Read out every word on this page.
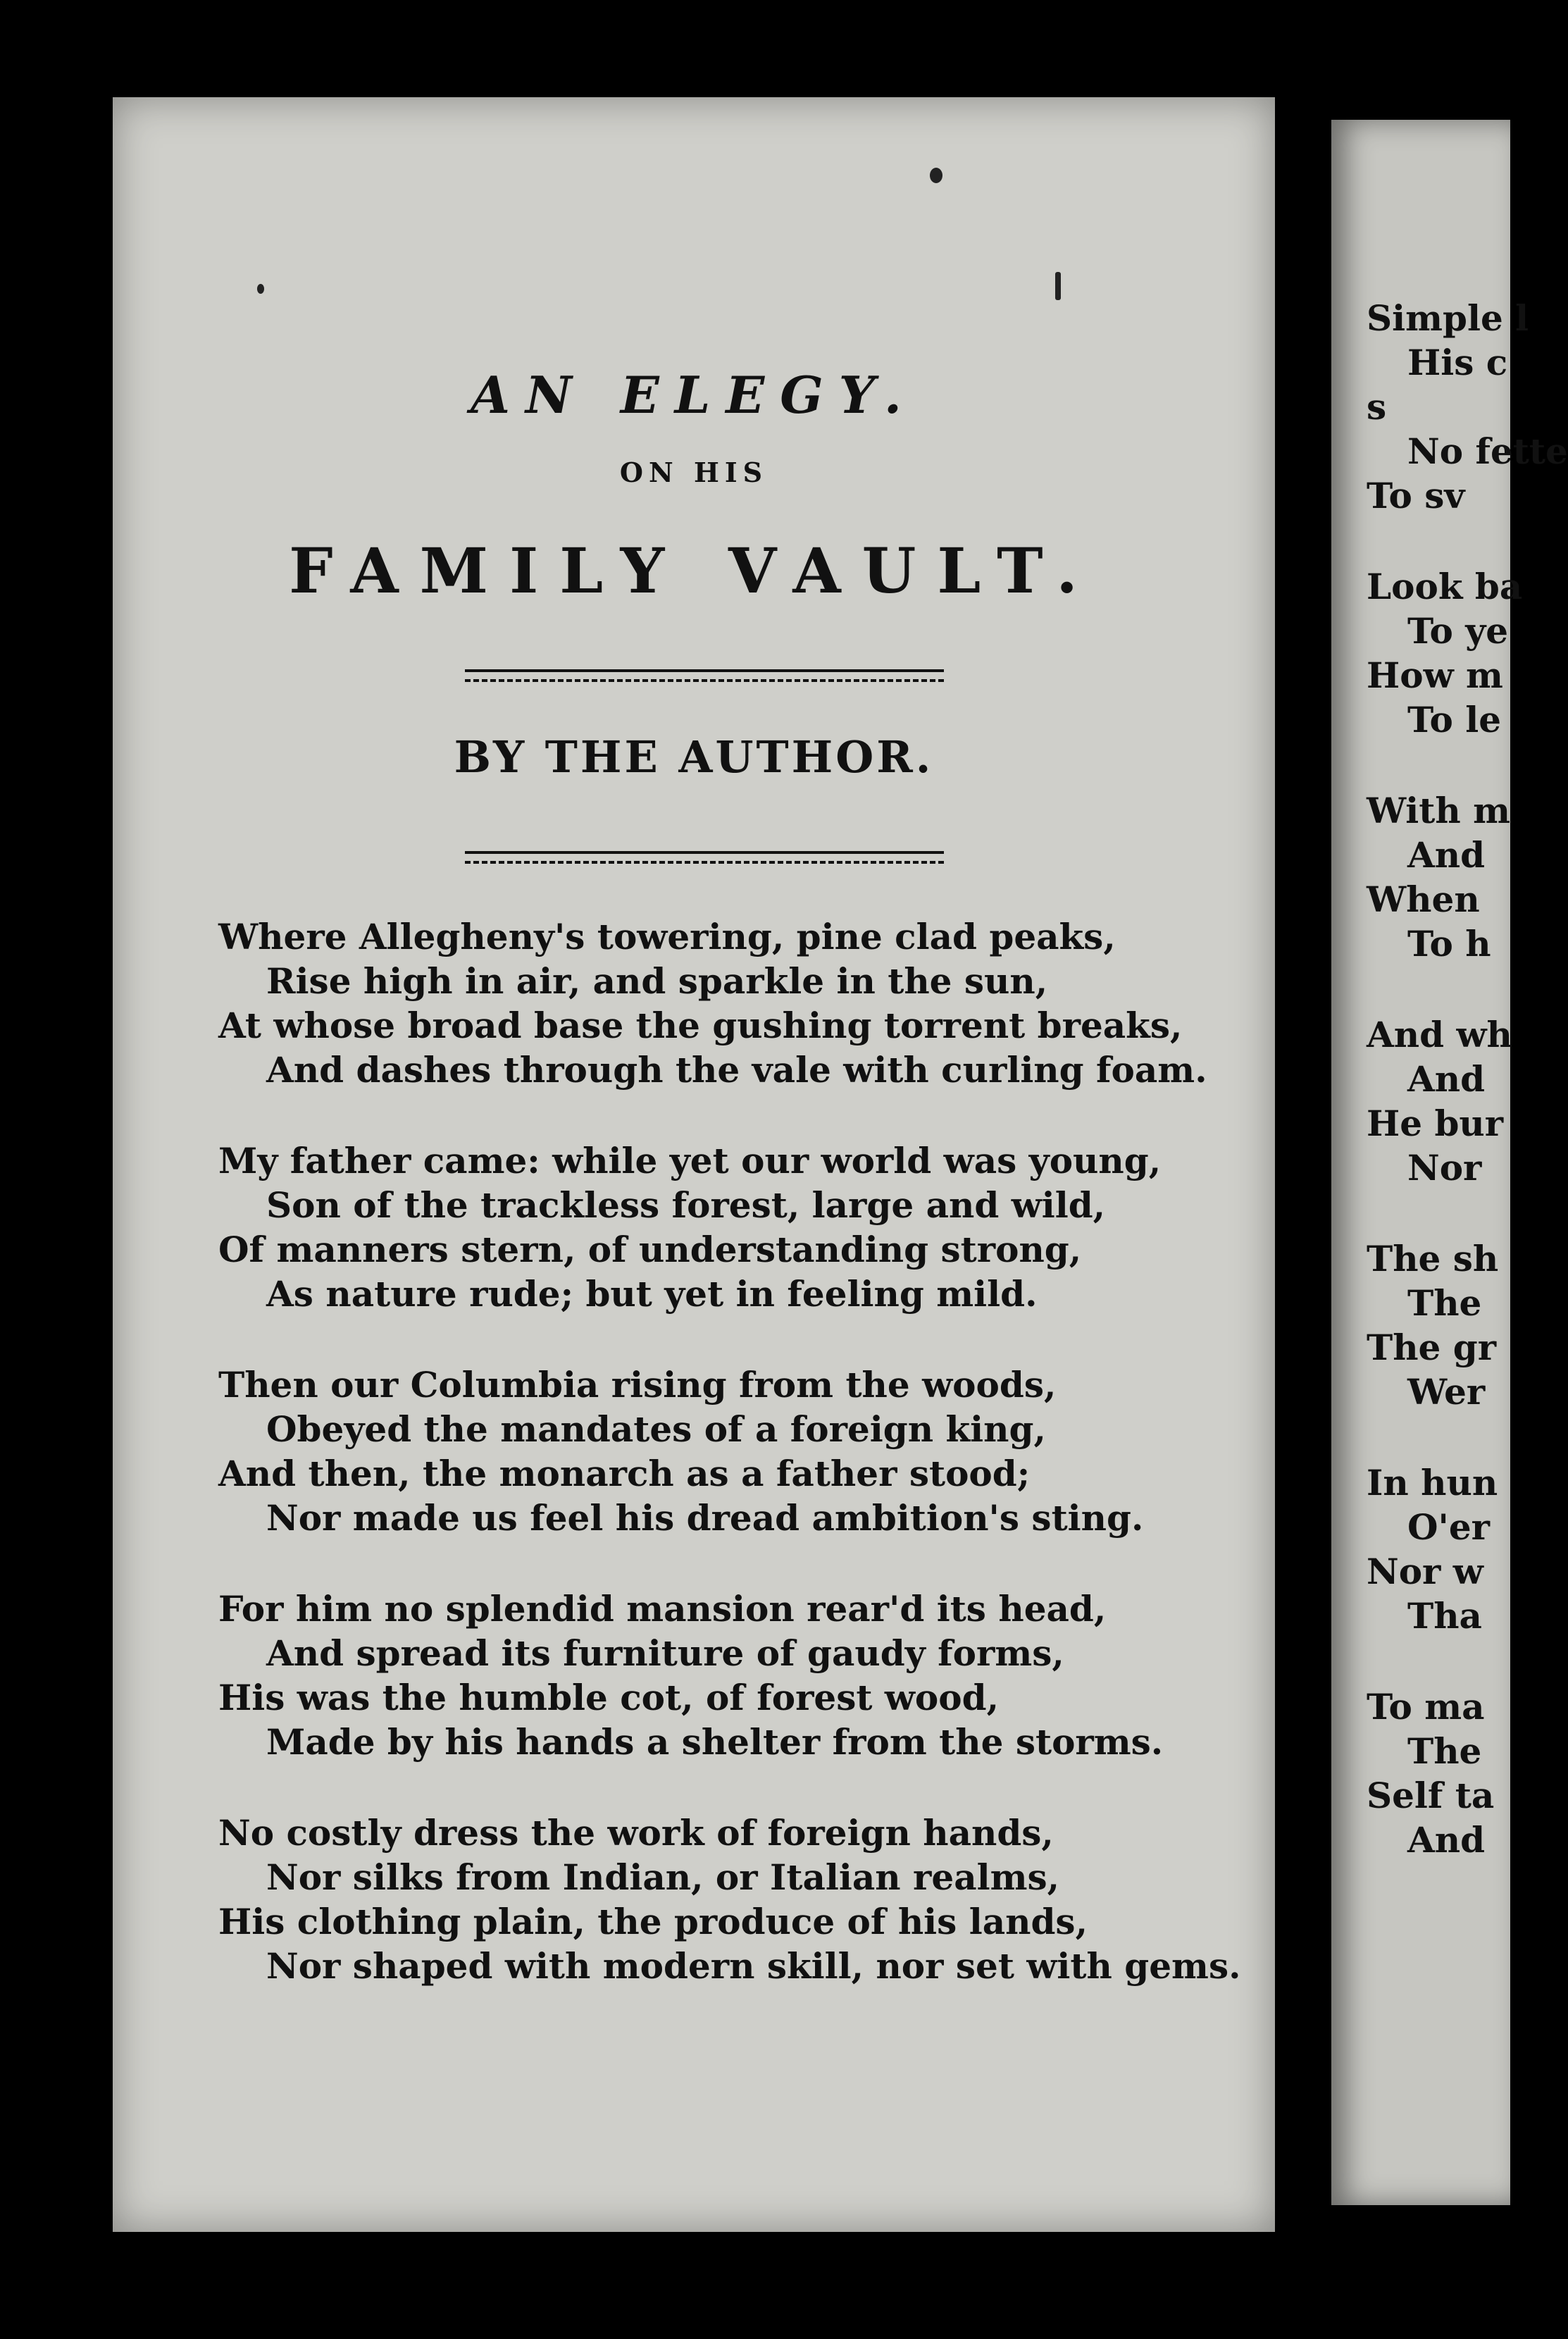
AN ELEGY.
ON HIS
FAMILY VAULT.
BY THE AUTHOR.
Where Allegheny's towering, pine clad peaks,
Rise high in air, and sparkle in the sun,
At whose broad base the gushing torrent breaks,
And dashes through the vale with curling foam.
My father came: while yet our world was young,
Son of the trackless forest, large and wild,
Of manners stern, of understanding strong,
As nature rude; but yet in feeling mild.
Then our Columbia rising from the woods,
Obeyed the mandates of a foreign king,
And then, the monarch as a father stood;
Nor made us feel his dread ambition's sting.
For him no splendid mansion rear'd its head,
And spread its furniture of gaudy forms,
His was the humble cot, of forest wood,
Made by his hands a shelter from the storms.
No costly dress the work of foreign hands,
Nor silks from Indian, or Italian realms,
His clothing plain, the produce of his lands,
Nor shaped with modern skill, nor set with gems.
Simple l
His c
s
No fette
To sv
Look ba
To ye
How m
To le
With m
And
When
To h
And wh
And
He bur
Nor
The sh
The
The gr
Wer
In hun
O'er
Nor w
Tha
To ma
The
Self ta
And
